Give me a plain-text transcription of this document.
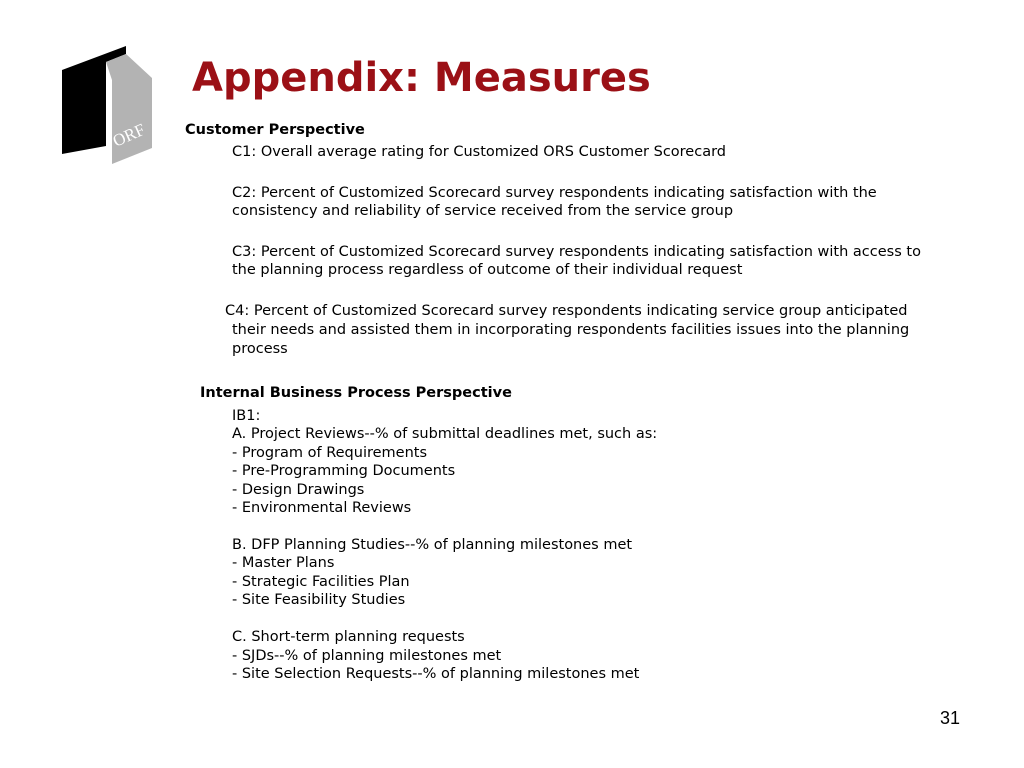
ORF
Appendix: Measures

Customer Perspective

C1: Overall average rating for Customized ORS Customer Scorecard

C2: Percent of Customized Scorecard survey respondents indicating satisfaction with the

consistency and reliability of service received from the service group

C3: Percent of Customized Scorecard survey respondents indicating satisfaction with access to

the planning process regardless of outcome of their individual request

C4: Percent of Customized Scorecard survey respondents indicating service group anticipated

their needs and assisted them in incorporating respondents facilities issues into the planning

process

Internal Business Process Perspective

IB1:

A. Project Reviews--% of submittal deadlines met, such as:

- Program of Requirements

- Pre-Programming Documents

- Design Drawings

- Environmental Reviews

B. DFP Planning Studies--% of planning milestones met

- Master Plans

- Strategic Facilities Plan

- Site Feasibility Studies

C. Short-term planning requests

- SJDs--% of planning milestones met

- Site Selection Requests--% of planning milestones met

31
